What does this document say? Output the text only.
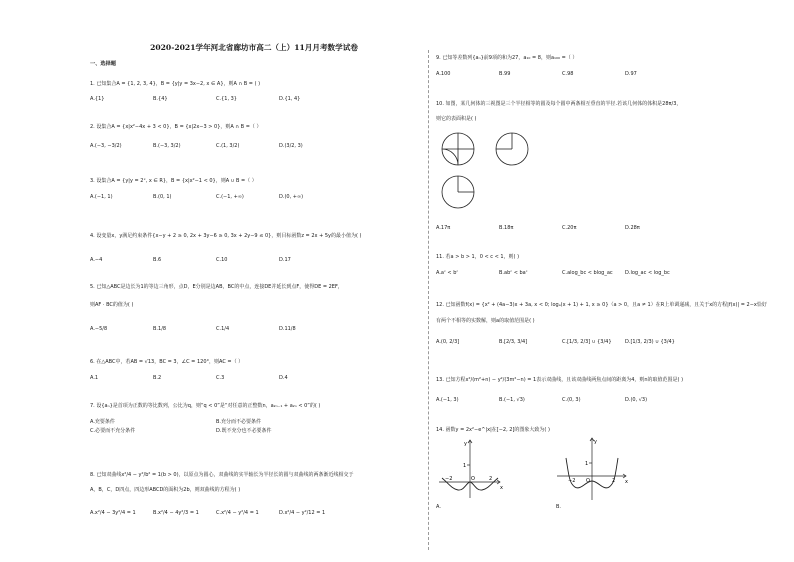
2020-2021学年河北省廊坊市高二（上）11月月考数学试卷
一、选择题
1. 已知集合A = {1, 2, 3, 4}，B = {y|y = 3x−2, x ∈ A}，则A ∩ B = ( )
A.{1}	B.{4}	C.{1, 3}	D.{1, 4}
2. 设集合A = {x|x²−4x + 3 < 0}，B = {x|2x−3 > 0}，则A ∩ B =（ ）
A.(−3, −3/2)	B.(−3, 3/2)	C.(1, 3/2)	D.(3/2, 3)
3. 设集合A = {y|y = 2ˣ, x ∈ R}，B = {x|x²−1 < 0}，则A ∪ B =（ ）
A.(−1, 1)	B.(0, 1)	C.(−1, +∞)	D.(0, +∞)
4. 设变量x，y满足约束条件{x−y + 2 ≥ 0, 2x + 3y−6 ≥ 0, 3x + 2y−9 ≤ 0}，则目标函数z = 2x + 5y的最小值为( )
A.−4	B.6	C.10	D.17
5. 已知△ABC是边长为1的等边三角形，点D，E分别是边AB，BC的中点，连接DE并延长到点F，使得DE = 2EF，
则AF · BC的值为( )
A.−5/8	B.1/8	C.1/4	D.11/8
6. 在△ABC中，若AB = √13，BC = 3，∠C = 120°，则AC =（ ）
A.1	B.2	C.3	D.4
7. 设{aₙ}是首项为正数的等比数列，公比为q，则“q < 0”是“对任意的正整数n，a₂ₙ₋₁ + a₂ₙ < 0”的( )
A.充要条件	B.充分而不必要条件
C.必要而不充分条件	D.既不充分也不必要条件
8. 已知双曲线x²/4 − y²/b² = 1(b > 0)，以原点为圆心，双曲线的实半轴长为半径长的圆与双曲线的两条渐近线相交于
A，B，C，D四点，四边形ABCD的面积为2b，则双曲线的方程为( )
A.x²/4 − 3y²/4 = 1	B.x²/4 − 4y²/3 = 1	C.x²/4 − y²/4 = 1	D.x²/4 − y²/12 = 1
9. 已知等差数列{aₙ}前9项的和为27，a₁₀ = 8，则a₁₀₀ =（ ）
A.100	B.99	C.98	D.97
10. 如图，某几何体的三视图是三个半径相等的圆及每个圆中两条相互垂直的半径.若该几何体的体积是28π/3，
则它的表面积是( )
A.17π	B.18π	C.20π	D.28π
11. 若a > b > 1，0 < c < 1，则( )
A.aᶜ < bᶜ	B.abᶜ < baᶜ	C.alog_bc < blog_ac D.log_ac < log_bc
12. 已知函数f(x) = {x² + (4a−3)x + 3a, x < 0; logₐ(x + 1) + 1, x ≥ 0}（a > 0，且a ≠ 1）在R上单调递减，且关于x的方程|f(x)| = 2−x恰好
有两个不相等的实数解，则a的取值范围是( )
A.(0, 2/3]	B.[2/3, 3/4]	C.[1/3, 2/3] ∪ {3/4}	D.[1/3, 2/3) ∪ {3/4}
13. 已知方程x²/(m²+n) − y²/(3m²−n) = 1表示双曲线，且该双曲线两焦点间的距离为4，则n的取值范围是( )
A.(−1, 3)	B.(−1, √3)	C.(0, 3)	D.(0, √3)
14. 函数y = 2x²−e^|x|在[−2, 2]的图象大致为( )
y
x
1
−2	O	2
y
x
1
−2 O	2
A.	B.
